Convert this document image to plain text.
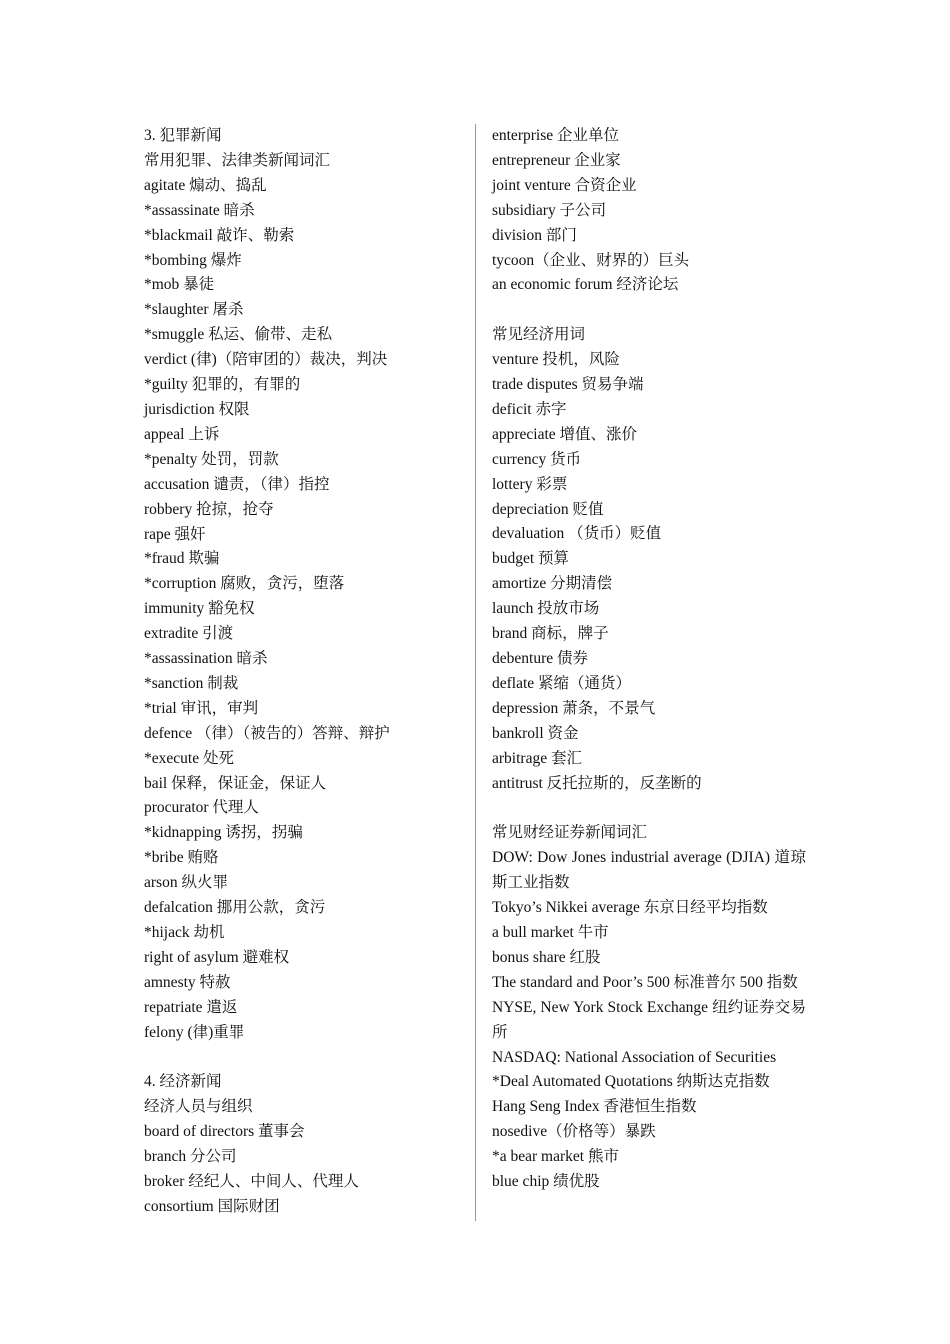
3. 犯罪新闻
常用犯罪、法律类新闻词汇
agitate 煽动、捣乱
*assassinate 暗杀
*blackmail 敲诈、勒索
*bombing 爆炸
*mob 暴徒
*slaughter 屠杀
*smuggle 私运、偷带、走私
verdict (律)（陪审团的）裁决，判决
*guilty 犯罪的，有罪的
jurisdiction 权限
appeal 上诉
*penalty 处罚，罚款
accusation 谴责，（律）指控
robbery 抢掠，抢夺
rape 强奸
*fraud 欺骗
*corruption 腐败，贪污，堕落
immunity 豁免权
extradite 引渡
*assassination 暗杀
*sanction 制裁
*trial 审讯，审判
defence （律）（被告的）答辩、辩护
*execute 处死
bail 保释，保证金，保证人
procurator 代理人
*kidnapping 诱拐，拐骗
*bribe 贿赂
arson 纵火罪
defalcation 挪用公款，贪污
*hijack 劫机
right of asylum 避难权
amnesty 特赦
repatriate 遣返
felony (律)重罪
4. 经济新闻
经济人员与组织
board of directors 董事会
branch 分公司
broker 经纪人、中间人、代理人
consortium 国际财团
enterprise 企业单位
entrepreneur 企业家
joint venture 合资企业
subsidiary 子公司
division 部门
tycoon（企业、财界的）巨头
an economic forum 经济论坛
常见经济用词
venture 投机，风险
trade disputes 贸易争端
deficit 赤字
appreciate 增值、涨价
currency 货币
lottery 彩票
depreciation 贬值
devaluation （货币）贬值
budget 预算
amortize 分期清偿
launch 投放市场
brand 商标，牌子
debenture 债券
deflate 紧缩（通货）
depression 萧条，不景气
bankroll 资金
arbitrage 套汇
antitrust 反托拉斯的，反垄断的
常见财经证券新闻词汇
DOW: Dow Jones industrial average (DJIA) 道琼斯工业指数
Tokyo’s Nikkei average 东京日经平均指数
a bull market 牛市
bonus share 红股
The standard and Poor’s 500 标准普尔 500 指数
NYSE, New York Stock Exchange 纽约证券交易所
NASDAQ: National Association of Securities
*Deal Automated Quotations 纳斯达克指数
Hang Seng Index 香港恒生指数
nosedive（价格等）暴跌
*a bear market 熊市
blue chip 绩优股
